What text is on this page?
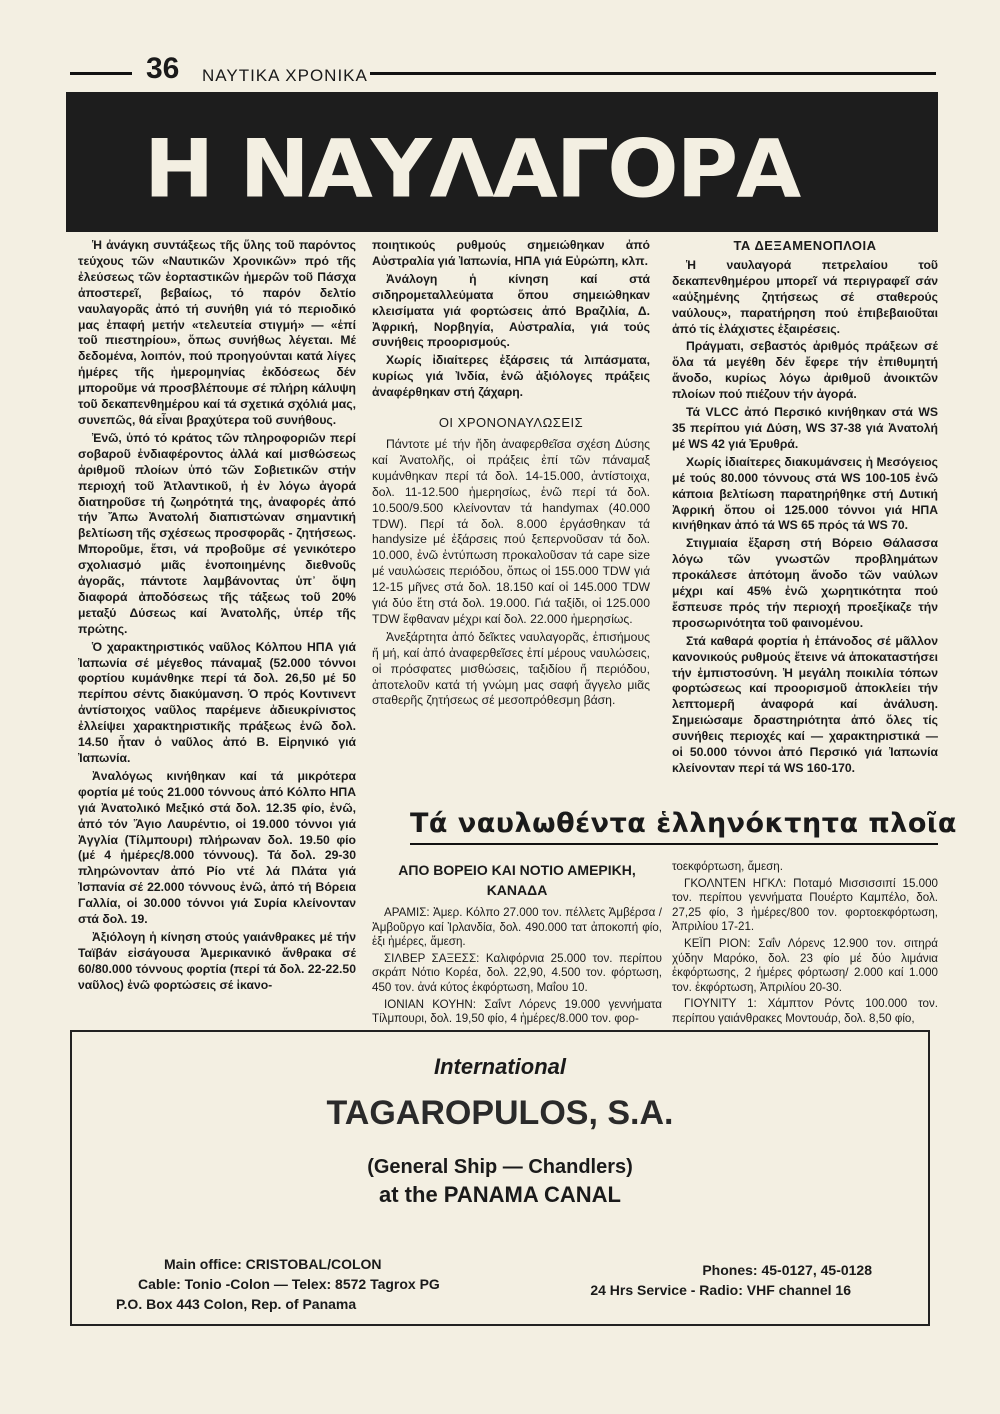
36 ΝΑΥΤΙΚΑ ΧΡΟΝΙΚΑ
Η ΝΑΥΛΑΓΟΡΑ

Ἡ ἀνάγκη συντάξεως τῆς ὕλης τοῦ παρόντος τεύχους τῶν «Ναυτικῶν Χρονικῶν» πρό τῆς ἐλεύσεως τῶν ἑορταστικῶν ἡμερῶν τοῦ Πάσχα ἀποστερεῖ, βεβαίως, τό παρόν δελτίο ναυλαγορᾶς ἀπό τή συνήθη γιά τό περιοδικό μας ἐπαφή μετήν «τελευτεία στιγμή» — «ἐπί τοῦ πιεστηρίου», ὅπως συνήθως λέγεται. Μέ δεδομένα, λοιπόν, πού προηγούνται κατά λίγες ἡμέρες τῆς ἡμερομηνίας ἐκδόσεως δέν μποροῦμε νά προσβλέπουμε σέ πλήρη κάλυψη τοῦ δεκαπενθημέρου καί τά σχετικά σχόλιά μας, συνεπῶς, θά εἶναι βραχύτερα τοῦ συνήθους.

Ἐνῶ, ὑπό τό κράτος τῶν πληροφοριῶν περί σοβαροῦ ἐνδιαφέροντος ἀλλά καί μισθώσεως ἀριθμοῦ πλοίων ὑπό τῶν Σοβιετικῶν στήν περιοχή τοῦ Ἀτλαντικοῦ, ἡ ἐν λόγω ἀγορά διατηροῦσε τή ζωηρότητά της, ἀναφορές ἀπό τήν Ἄπω Ἀνατολή διαπιστώναν σημαντική βελτίωση τῆς σχέσεως προσφορᾶς - ζητήσεως. Μποροῦμε, ἔτσι, νά προβοῦμε σέ γενικότερο σχολιασμό μιᾶς ἑνοποιημένης διεθνοῦς ἀγορᾶς, πάντοτε λαμβάνοντας ὑπ᾽ ὄψη διαφορά ἀποδόσεως τῆς τάξεως τοῦ 20% μεταξύ Δύσεως καί Ἀνατολῆς, ὑπέρ τῆς πρώτης.

Ὁ χαρακτηριστικός ναῦλος Κόλπου ΗΠΑ γιά Ἰαπωνία σέ μέγεθος πάναμαξ (52.000 τόννοι φορτίου κυμάνθηκε περί τά δολ. 26,50 μέ 50 περίπου σέντς διακύμανση. Ὁ πρός Κοντινεντ ἀντίστοιχος ναῦλος παρέμενε ἀδιευκρίνιστος ἐλλείψει χαρακτηριστικῆς πράξεως ἐνῶ δολ. 14.50 ἦταν ὁ ναῦλος ἀπό Β. Εἰρηνικό γιά Ἰαπωνία.

Ἀναλόγως κινήθηκαν καί τά μικρότερα φορτία μέ τούς 21.000 τόννους ἀπό Κόλπο ΗΠΑ γιά Ἀνατολικό Μεξικό στά δολ. 12.35 φίο, ἐνῶ, ἀπό τόν Ἅγιο Λαυρέντιο, οἱ 19.000 τόννοι γιά Ἀγγλία (Τίλμπουρι) πλήρωναν δολ. 19.50 φίο (μέ 4 ἡμέρες/8.000 τόννους). Τά δολ. 29-30 πληρώνονταν ἀπό Ρίο ντέ λά Πλάτα γιά Ἰσπανία σέ 22.000 τόννους ἐνῶ, ἀπό τή Βόρεια Γαλλία, οἱ 30.000 τόννοι γιά Συρία κλείνονταν στά δολ. 19.

Ἀξιόλογη ἡ κίνηση στούς γαιάνθρακες μέ τήν Ταϊβάν εἰσάγουσα Ἀμερικανικό ἄνθρακα σέ 60/80.000 τόννους φορτία (περί τά δολ. 22-22.50 ναῦλος) ἐνῶ φορτώσεις σέ ἱκανο-

ποιητικούς ρυθμούς σημειώθηκαν ἀπό Αὐστραλία γιά Ἰαπωνία, ΗΠΑ γιά Εὐρώπη, κλπ.

Ἀνάλογη ἡ κίνηση καί στά σιδηρομεταλλεύματα ὅπου σημειώθηκαν κλεισίματα γιά φορτώσεις ἀπό Βραζιλία, Δ. Ἀφρική, Νορβηγία, Αὐστραλία, γιά τούς συνήθεις προορισμούς.

Χωρίς ἰδιαίτερες ἐξάρσεις τά λιπάσματα, κυρίως γιά Ἰνδία, ἐνῶ ἀξιόλογες πράξεις ἀναφέρθηκαν στή ζάχαρη.

ΟΙ ΧΡΟΝΟΝΑΥΛΩΣΕΙΣ

Πάντοτε μέ τήν ἤδη ἀναφερθεῖσα σχέση Δύσης καί Ἀνατολῆς, οἱ πράξεις ἐπί τῶν πάναμαξ κυμάνθηκαν περί τά δολ. 14-15.000, ἀντίστοιχα, δολ. 11-12.500 ἡμερησίως, ἐνῶ περί τά δολ. 10.500/9.500 κλείνονταν τά handymax (40.000 TDW). Περί τά δολ. 8.000 ἐργάσθηκαν τά handysize μέ ἐξάρσεις πού ξεπερνοῦσαν τά δολ. 10.000, ἐνῶ ἐντύπωση προκαλοῦσαν τά cape size μέ ναυλώσεις περιόδου, ὅπως οἱ 155.000 TDW γιά 12-15 μῆνες στά δολ. 18.150 καί οἱ 145.000 TDW γιά δύο ἔτη στά δολ. 19.000. Γιά ταξίδι, οἱ 125.000 TDW ἔφθαναν μέχρι καί δολ. 22.000 ἡμερησίως.

Ἀνεξάρτητα ἀπό δεῖκτες ναυλαγορᾶς, ἐπισήμους ἤ μή, καί ἀπό ἀναφερθεῖσες ἐπί μέρους ναυλώσεις, οἱ πρόσφατες μισθώσεις, ταξιδίου ἤ περιόδου, ἀποτελοῦν κατά τή γνώμη μας σαφή ἄγγελο μιᾶς σταθερῆς ζητήσεως σέ μεσοπρόθεσμη βάση.

ΤΑ ΔΕΞΑΜΕΝΟΠΛΟΙΑ

Ἡ ναυλαγορά πετρελαίου τοῦ δεκαπενθημέρου μπορεῖ νά περιγραφεῖ σάν «αὐξημένης ζητήσεως σέ σταθερούς ναύλους», παρατήρηση πού ἐπιβεβαιοῦται ἀπό τίς ἐλάχιστες ἐξαιρέσεις.

Πράγματι, σεβαστός ἀριθμός πράξεων σέ ὅλα τά μεγέθη δέν ἔφερε τήν ἐπιθυμητή ἄνοδο, κυρίως λόγω ἀριθμοῦ ἀνοικτῶν πλοίων πού πιέζουν τήν ἀγορά.

Τά VLCC ἀπό Περσικό κινήθηκαν στά WS 35 περίπου γιά Δύση, WS 37-38 γιά Ἀνατολή μέ WS 42 γιά Ἐρυθρά.

Χωρίς ἰδιαίτερες διακυμάνσεις ἡ Μεσόγειος μέ τούς 80.000 τόννους στά WS 100-105 ἐνῶ κάποια βελτίωση παρατηρήθηκε στή Δυτική Ἀφρική ὅπου οἱ 125.000 τόννοι γιά ΗΠΑ κινήθηκαν ἀπό τά WS 65 πρός τά WS 70.

Στιγμιαία ἔξαρση στή Βόρειο Θάλασσα λόγω τῶν γνωστῶν προβλημάτων προκάλεσε ἀπότομη ἄνοδο τῶν ναύλων μέχρι καί 45% ἐνῶ χωρητικότητα πού ἔσπευσε πρός τήν περιοχή προεξίκαζε τήν προσωρινότητα τοῦ φαινομένου.

Στά καθαρά φορτία ἡ ἐπάνοδος σέ μᾶλλον κανονικούς ρυθμούς ἔτεινε νά ἀποκαταστήσει τήν ἐμπιστοσύνη. Ἡ μεγάλη ποικιλία τόπων φορτώσεως καί προορισμοῦ ἀποκλείει τήν λεπτομερῆ ἀναφορά καί ἀνάλυση. Σημειώσαμε δραστηριότητα ἀπό ὅλες τίς συνήθεις περιοχές καί — χαρακτηριστικά — οἱ 50.000 τόννοι ἀπό Περσικό γιά Ἰαπωνία κλείνονταν περί τά WS 160-170.

Τά ναυλωθέντα ἑλληνόκτητα πλοῖα
ΑΠΟ ΒΟΡΕΙΟ ΚΑΙ ΝΟΤΙΟ ΑΜΕΡΙΚΗ, ΚΑΝΑΔΑ

ΑΡΑΜΙΣ: Ἀμερ. Κόλπο 27.000 τον. πέλλετς Ἀμβέρσα / Ἀμβοῦργο καί Ἰρλανδία, δολ. 490.000 τατ ἀποκοπή φίο, ἑξι ἡμέρες, ἄμεση.

ΣΙΛΒΕΡ ΣΑΞΕΣΣ: Καλιφόρνια 25.000 τον. περίπου σκράπ Νότιο Κορέα, δολ. 22,90, 4.500 τον. φόρτωση, 450 τον. ἀνά κύτος ἐκφόρτωση, Μαΐου 10.

ΙΟΝΙΑΝ ΚΟΥΗΝ: Σαΐντ Λόρενς 19.000 γεννήματα Τίλμπουρι, δολ. 19,50 φίο, 4 ἡμέρες/8.000 τον. φορ-

τοεκφόρτωση, ἄμεση.

ΓΚΟΛΝΤΕΝ ΗΓΚΛ: Ποταμό Μισσισσιπί 15.000 τον. περίπου γεννήματα Πουέρτο Καμπέλο, δολ. 27,25 φίο, 3 ἡμέρες/800 τον. φορτοεκφόρτωση, Ἀπριλίου 17-21.

ΚΕΪΠ ΡΙΟΝ: Σαΐν Λόρενς 12.900 τον. σιτηρά χύδην Μαρόκο, δολ. 23 φίο μέ δύο λιμάνια ἐκφόρτωσης, 2 ἡμέρες φόρτωση/ 2.000 καί 1.000 τον. ἐκφόρτωση, Ἀπριλίου 20-30.

ΓΙΟΥΝΙΤΥ 1: Χάμπτον Ρόντς 100.000 τον. περίπου γαιάνθρακες Μοντουάρ, δολ. 8,50 φίο,

International
TAGAROPULOS, S.A.
(General Ship — Chandlers)
at the PANAMA CANAL
Main office: CRISTOBAL/COLON
Cable: Tonio -Colon — Telex: 8572 Tagrox PG
P.O. Box 443 Colon, Rep. of Panama
Phones: 45-0127, 45-0128
24 Hrs Service - Radio: VHF channel 16
